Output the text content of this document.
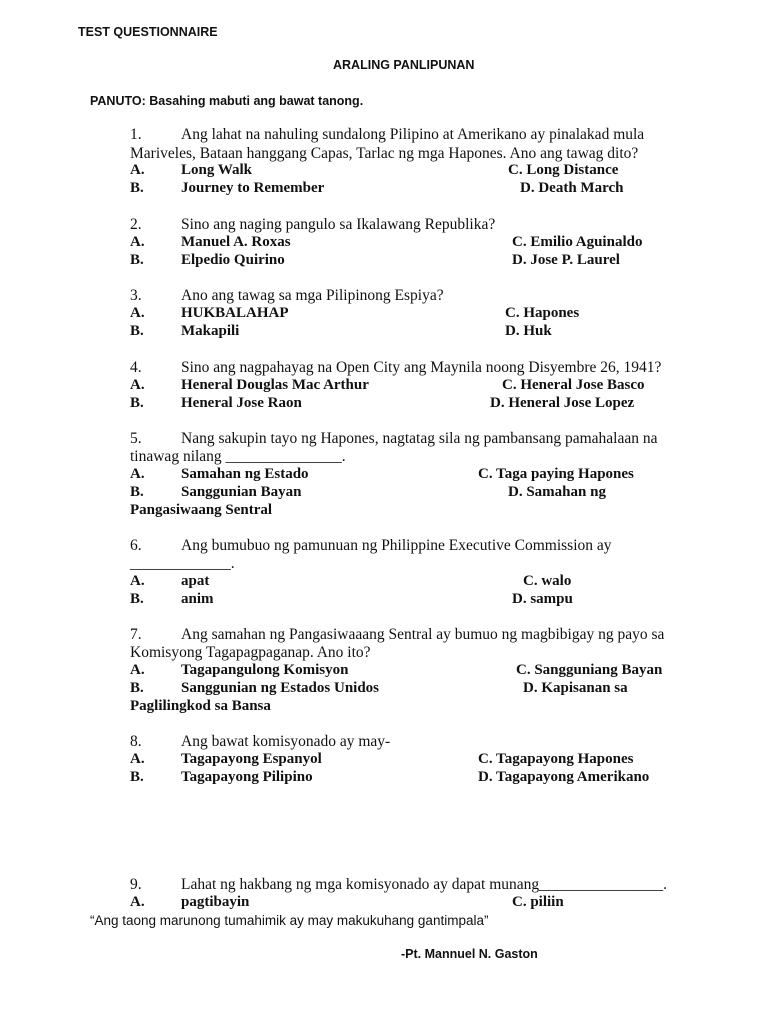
TEST QUESTIONNAIRE
ARALING PANLIPUNAN
PANUTO: Basahing mabuti ang bawat tanong.
1.	Ang lahat na nahuling sundalong Pilipino at Amerikano ay pinalakad mula
Mariveles, Bataan hanggang Capas, Tarlac ng mga Hapones. Ano ang tawag dito?
A. Long Walk	C. Long Distance
B. Journey to Remember	D. Death March
2.	Sino ang naging pangulo sa Ikalawang Republika?
A. Manuel A. Roxas	C. Emilio Aguinaldo
B. Elpedio Quirino	D. Jose P. Laurel
3.	Ano ang tawag sa mga Pilipinong Espiya?
A. HUKBALAHAP	C. Hapones
B. Makapili	D. Huk
4.	Sino ang nagpahayag na Open City ang Maynila noong Disyembre 26, 1941?
A. Heneral Douglas Mac Arthur	C. Heneral Jose Basco
B. Heneral Jose Raon	D. Heneral Jose Lopez
5.	Nang sakupin tayo ng Hapones, nagtatag sila ng pambansang pamahalaan na
tinawag nilang _______________.
A. Samahan ng Estado	C. Taga paying Hapones
B. Sanggunian Bayan	D. Samahan ng
Pangasiwaang Sentral
6.	Ang bumubuo ng pamunuan ng Philippine Executive Commission ay
_____________.
A. apat	C. walo
B. anim	D. sampu
7.	Ang samahan ng Pangasiwaaang Sentral ay bumuo ng magbibigay ng payo sa
Komisyong Tagapagpaganap. Ano ito?
A. Tagapangulong Komisyon	C. Sangguniang Bayan
B. Sanggunian ng Estados Unidos	D. Kapisanan sa
Paglilingkod sa Bansa
8.	Ang bawat komisyonado ay may-
A. Tagapayong Espanyol	C. Tagapayong Hapones
B. Tagapayong Pilipino	D. Tagapayong Amerikano
9.	Lahat ng hakbang ng mga komisyonado ay dapat munang________________.
A. pagtibayin	C. piliin
“Ang taong marunong tumahimik ay may makukuhang gantimpala”
-Pt. Mannuel N. Gaston
